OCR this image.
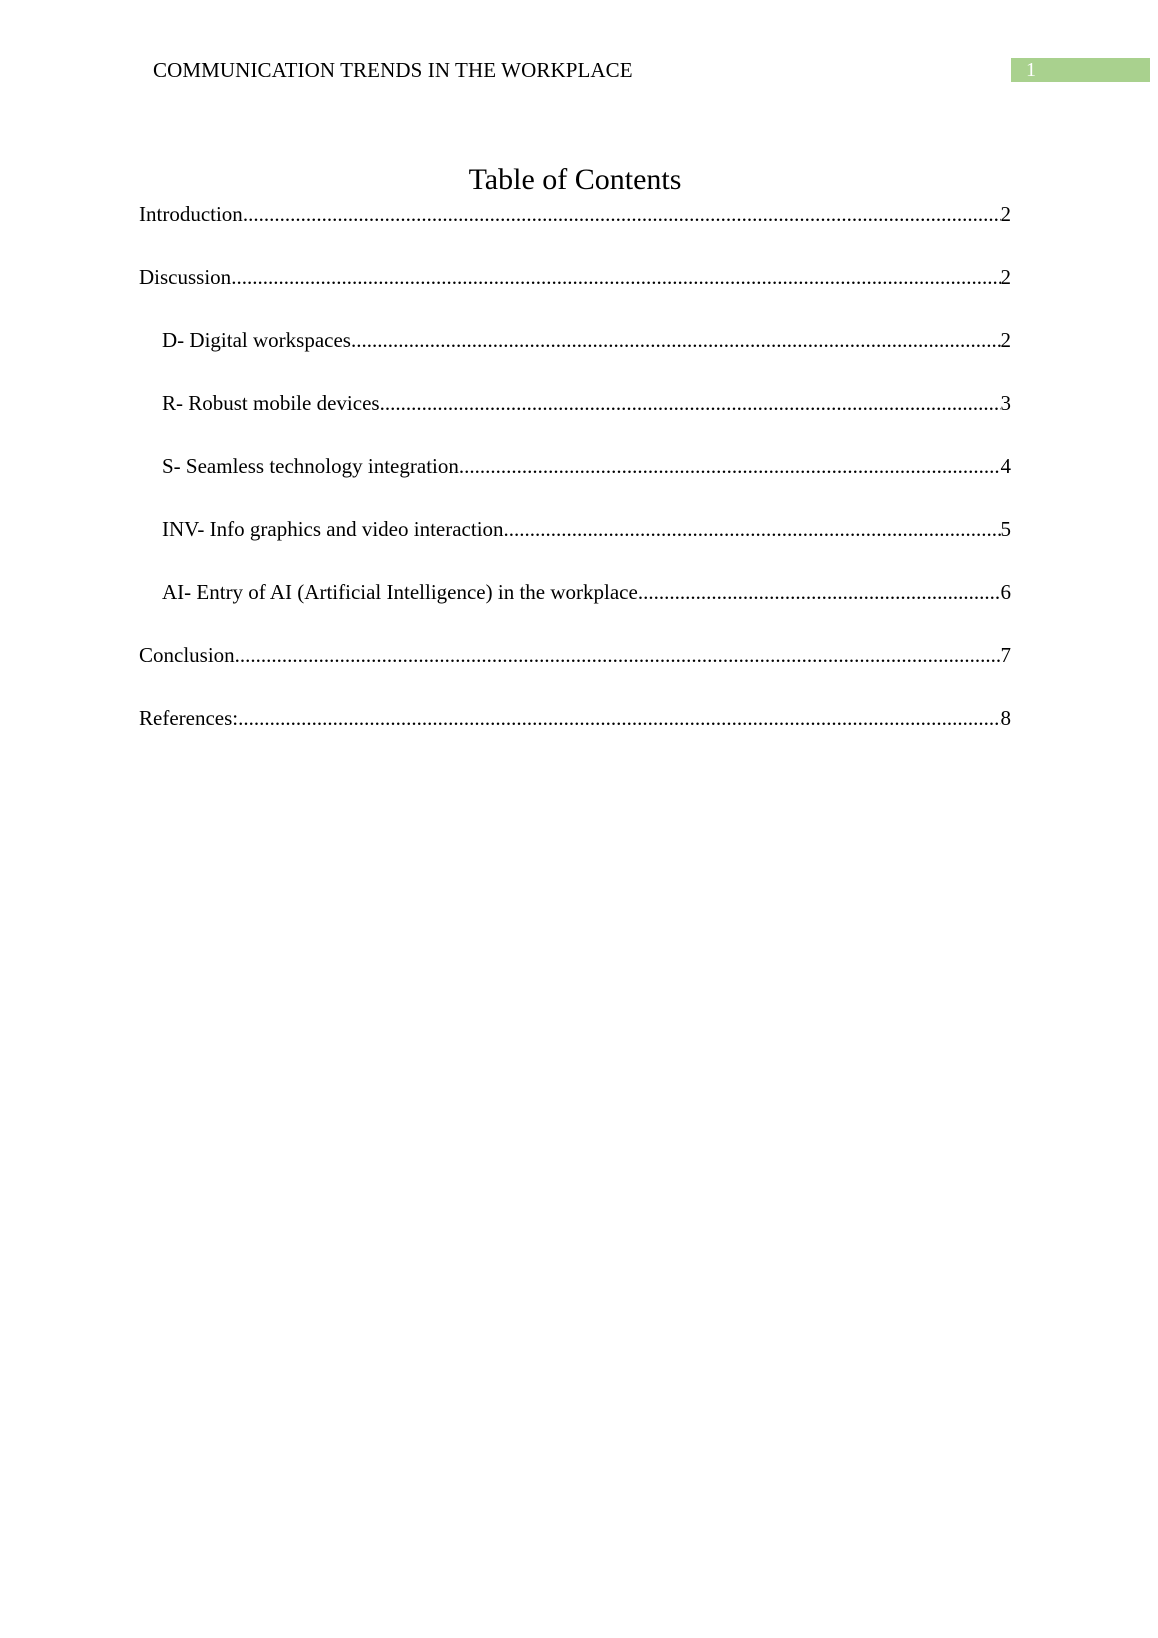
COMMUNICATION TRENDS IN THE WORKPLACE	1
Table of Contents
Introduction .....	2
Discussion .....	2
D- Digital workspaces .....	2
R- Robust mobile devices .....	3
S- Seamless technology integration .....	4
INV- Info graphics and video interaction .....	5
AI- Entry of AI (Artificial Intelligence) in the workplace .....	6
Conclusion .....	7
References: .....	8
